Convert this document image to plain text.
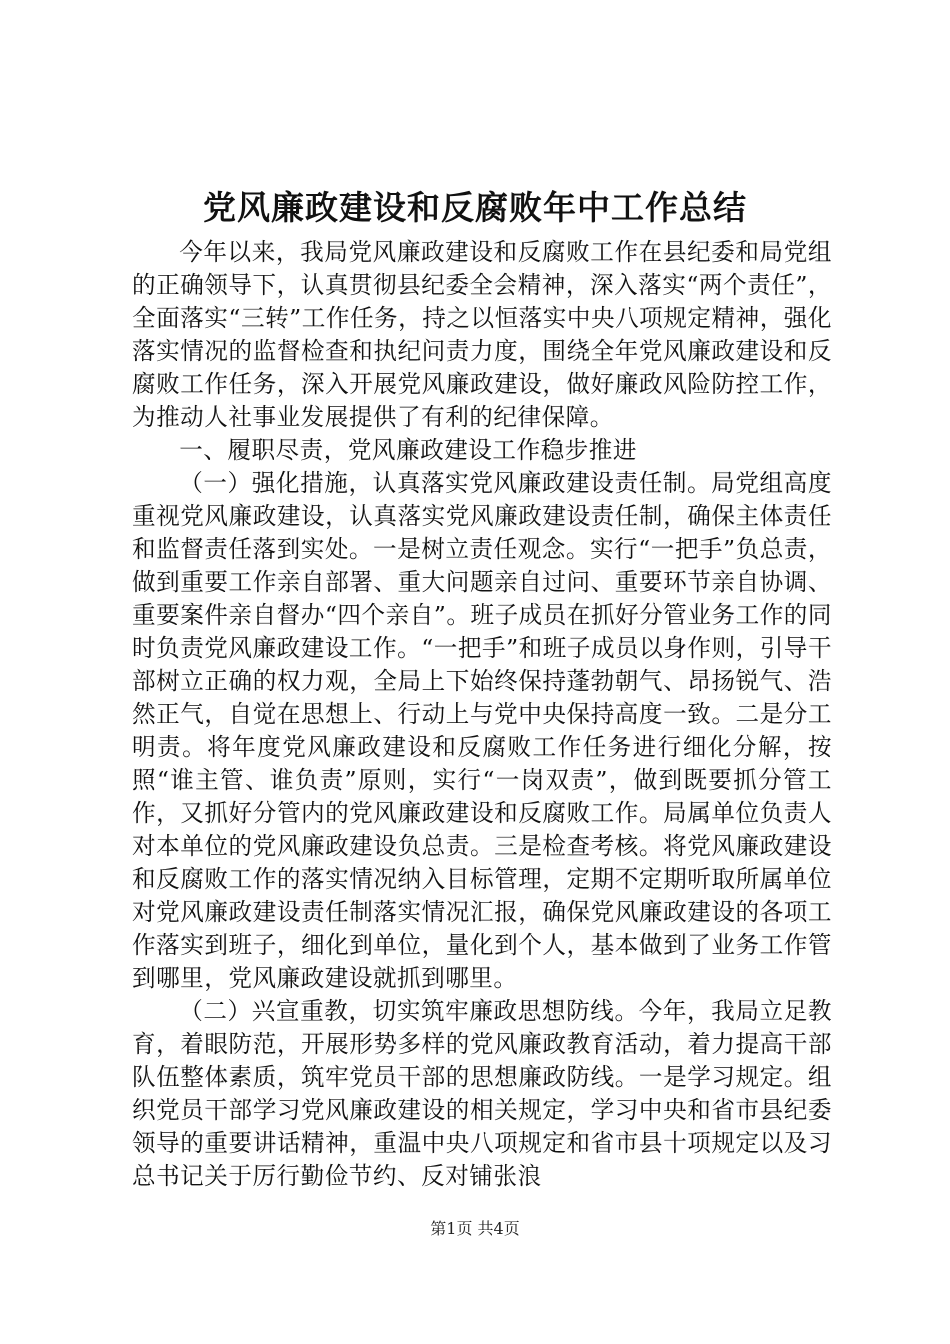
党风廉政建设和反腐败年中工作总结

今年以来，我局党风廉政建设和反腐败工作在县纪委和局党组的正确领导下，认真贯彻县纪委全会精神，深入落实“两个责任”，全面落实“三转”工作任务，持之以恒落实中央八项规定精神，强化落实情况的监督检查和执纪问责力度，围绕全年党风廉政建设和反腐败工作任务，深入开展党风廉政建设，做好廉政风险防控工作，为推动人社事业发展提供了有利的纪律保障。

一、履职尽责，党风廉政建设工作稳步推进

（一）强化措施，认真落实党风廉政建设责任制。局党组高度重视党风廉政建设，认真落实党风廉政建设责任制，确保主体责任和监督责任落到实处。一是树立责任观念。实行“一把手”负总责，做到重要工作亲自部署、重大问题亲自过问、重要环节亲自协调、重要案件亲自督办“四个亲自”。班子成员在抓好分管业务工作的同时负责党风廉政建设工作。“一把手”和班子成员以身作则，引导干部树立正确的权力观，全局上下始终保持蓬勃朝气、昂扬锐气、浩然正气，自觉在思想上、行动上与党中央保持高度一致。二是分工明责。将年度党风廉政建设和反腐败工作任务进行细化分解，按照“谁主管、谁负责”原则，实行“一岗双责”，做到既要抓分管工作，又抓好分管内的党风廉政建设和反腐败工作。局属单位负责人对本单位的党风廉政建设负总责。三是检查考核。将党风廉政建设和反腐败工作的落实情况纳入目标管理，定期不定期听取所属单位对党风廉政建设责任制落实情况汇报，确保党风廉政建设的各项工作落实到班子，细化到单位，量化到个人，基本做到了业务工作管到哪里，党风廉政建设就抓到哪里。

（二）兴宣重教，切实筑牢廉政思想防线。今年，我局立足教育，着眼防范，开展形势多样的党风廉政教育活动，着力提高干部队伍整体素质，筑牢党员干部的思想廉政防线。一是学习规定。组织党员干部学习党风廉政建设的相关规定，学习中央和省市县纪委领导的重要讲话精神，重温中央八项规定和省市县十项规定以及习总书记关于厉行勤俭节约、反对铺张浪

第1页 共4页
